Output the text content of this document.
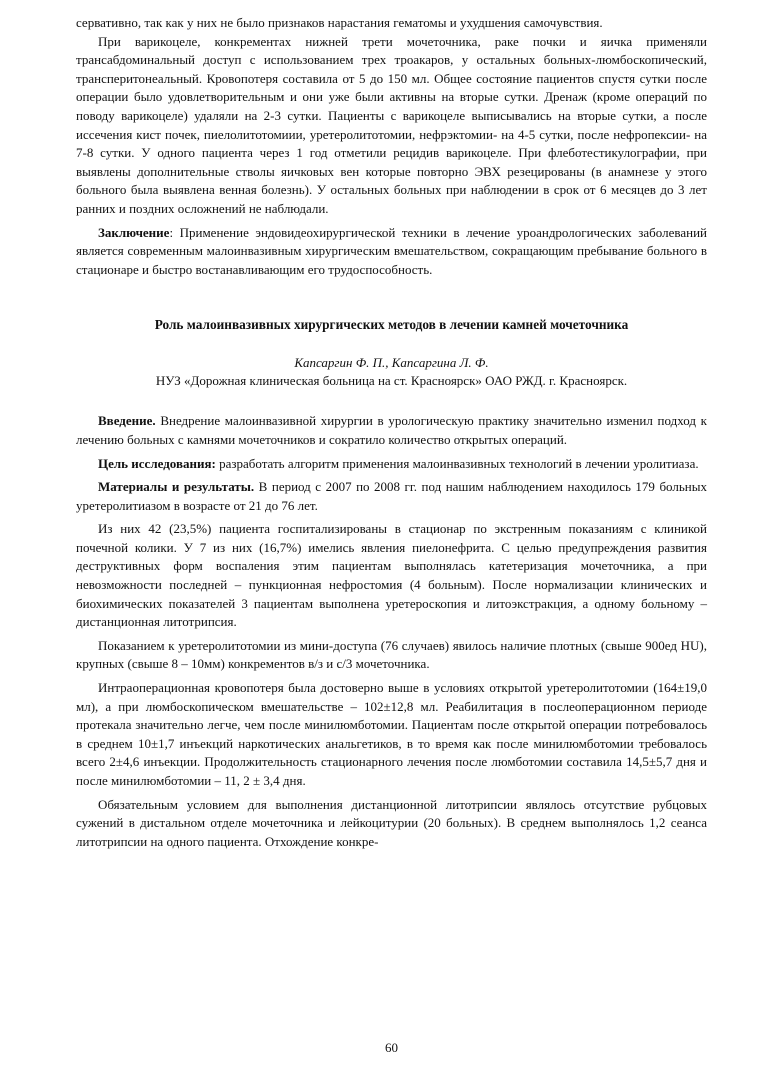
сервативно, так как у них не было признаков нарастания гематомы и ухудшения самочувствия.

При варикоцеле, конкрементах нижней трети мочеточника, раке почки и яичка применяли трансабдоминальный доступ с использованием трех троакаров, у остальных больных-люмбоскопический, трансперитонеальный. Кровопотеря составила от 5 до 150 мл. Общее состояние пациентов спустя сутки после операции было удовлетворительным и они уже были активны на вторые сутки. Дренаж (кроме операций по поводу варикоцеле) удаляли на 2-3 сутки. Пациенты с варикоцеле выписывались на вторые сутки, а после иссечения кист почек, пиелолитотомиии, уретеролитотомии, нефрэктомии- на 4-5 сутки, после нефропексии- на 7-8 сутки. У одного пациента через 1 год отметили рецидив варикоцеле. При флеботестикулографии, при выявлены дополнительные стволы яичковых вен которые повторно ЭВХ резецированы (в анамнезе у этого больного была выявлена венная болезнь). У остальных больных при наблюдении в срок от 6 месяцев до 3 лет ранних и поздних осложнений не наблюдали.

Заключение: Применение эндовидеохирургической техники в лечение уроандрологических заболеваний является современным малоинвазивным хирургическим вмешательством, сокращающим пребывание больного в стационаре и быстро востанавливающим его трудоспособность.

Роль малоинвазивных хирургических методов в лечении камней мочеточника
Капсаргин Ф. П., Капсаргина Л. Ф.
НУЗ «Дорожная клиническая больница на ст. Красноярск» ОАО РЖД. г. Красноярск.

Введение. Внедрение малоинвазивной хирургии в урологическую практику значительно изменил подход к лечению больных с камнями мочеточников и сократило количество открытых операций.

Цель исследования: разработать алгоритм применения малоинвазивных технологий в лечении уролитиаза.

Материалы и результаты. В период с 2007 по 2008 гг. под нашим наблюдением находилось 179 больных уретеролитиазом в возрасте от 21 до 76 лет.

Из них 42 (23,5%) пациента госпитализированы в стационар по экстренным показаниям с клиникой почечной колики. У 7 из них (16,7%) имелись явления пиелонефрита. С целью предупреждения развития деструктивных форм воспаления этим пациентам выполнялась катетеризация мочеточника, а при невозможности последней – пункционная нефростомия (4 больным). После нормализации клинических и биохимических показателей 3 пациентам выполнена уретероскопия и литоэкстракция, а одному больному – дистанционная литотрипсия.

Показанием к уретеролитотомии из мини-доступа (76 случаев) явилось наличие плотных (свыше 900ед HU), крупных (свыше 8 – 10мм) конкрементов в/з и с/3 мочеточника.

Интраоперационная кровопотеря была достоверно выше в условиях открытой уретеролитотомии (164±19,0 мл), а при люмбоскопическом вмешательстве – 102±12,8 мл. Реабилитация в послеоперационном периоде протекала значительно легче, чем после минилюмботомии. Пациентам после открытой операции потребовалось в среднем 10±1,7 инъекций наркотических анальгетиков, в то время как после минилюмботомии требовалось всего 2±4,6 инъекции. Продолжительность стационарного лечения после люмботомии составила 14,5±5,7 дня и после минилюмботомии – 11, 2 ± 3,4 дня.

Обязательным условием для выполнения дистанционной литотрипсии являлось отсутствие рубцовых сужений в дистальном отделе мочеточника и лейкоцитурии (20 больных). В среднем выполнялось 1,2 сеанса литотрипсии на одного пациента. Отхождение конкре-

60
